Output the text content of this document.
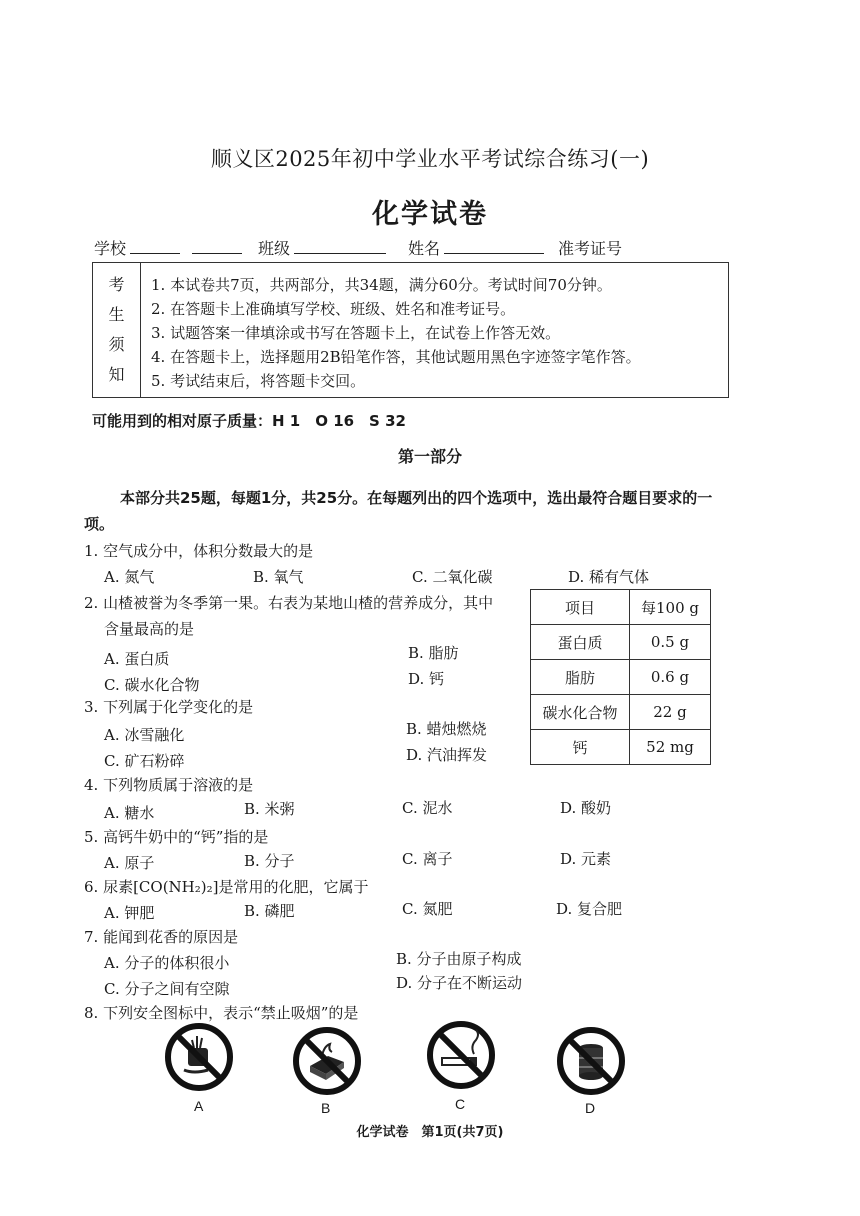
顺义区2025年初中学业水平考试综合练习(一)
化学试卷
学校	班级	姓名	准考证号
考
生
须
知
1. 本试卷共7页，共两部分，共34题，满分60分。考试时间70分钟。
2. 在答题卡上准确填写学校、班级、姓名和准考证号。
3. 试题答案一律填涂或书写在答题卡上，在试卷上作答无效。
4. 在答题卡上，选择题用2B铅笔作答，其他试题用黑色字迹签字笔作答。
5. 考试结束后，将答题卡交回。
可能用到的相对原子质量：H 1　O 16　S 32
第一部分
本部分共25题，每题1分，共25分。在每题列出的四个选项中，选出最符合题目要求的一项。
1. 空气成分中，体积分数最大的是
A. 氮气	B. 氧气	C. 二氧化碳	D. 稀有气体
2. 山楂被誉为冬季第一果。右表为某地山楂的营养成分，其中
含量最高的是
A. 蛋白质	B. 脂肪
C. 碳水化合物	D. 钙
项目	每100 g
蛋白质	0.5 g
脂肪	0.6 g
碳水化合物	22 g
钙	52 mg
3. 下列属于化学变化的是
A. 冰雪融化	B. 蜡烛燃烧
C. 矿石粉碎	D. 汽油挥发
4. 下列物质属于溶液的是
A. 糖水	B. 米粥	C. 泥水	D. 酸奶
5. 高钙牛奶中的“钙”指的是
A. 原子	B. 分子	C. 离子	D. 元素
6. 尿素[CO(NH₂)₂]是常用的化肥，它属于
A. 钾肥	B. 磷肥	C. 氮肥	D. 复合肥
7. 能闻到花香的原因是
A. 分子的体积很小	B. 分子由原子构成
C. 分子之间有空隙	D. 分子在不断运动
8. 下列安全图标中，表示“禁止吸烟”的是
A	B	C	D
化学试卷　第1页(共7页)
